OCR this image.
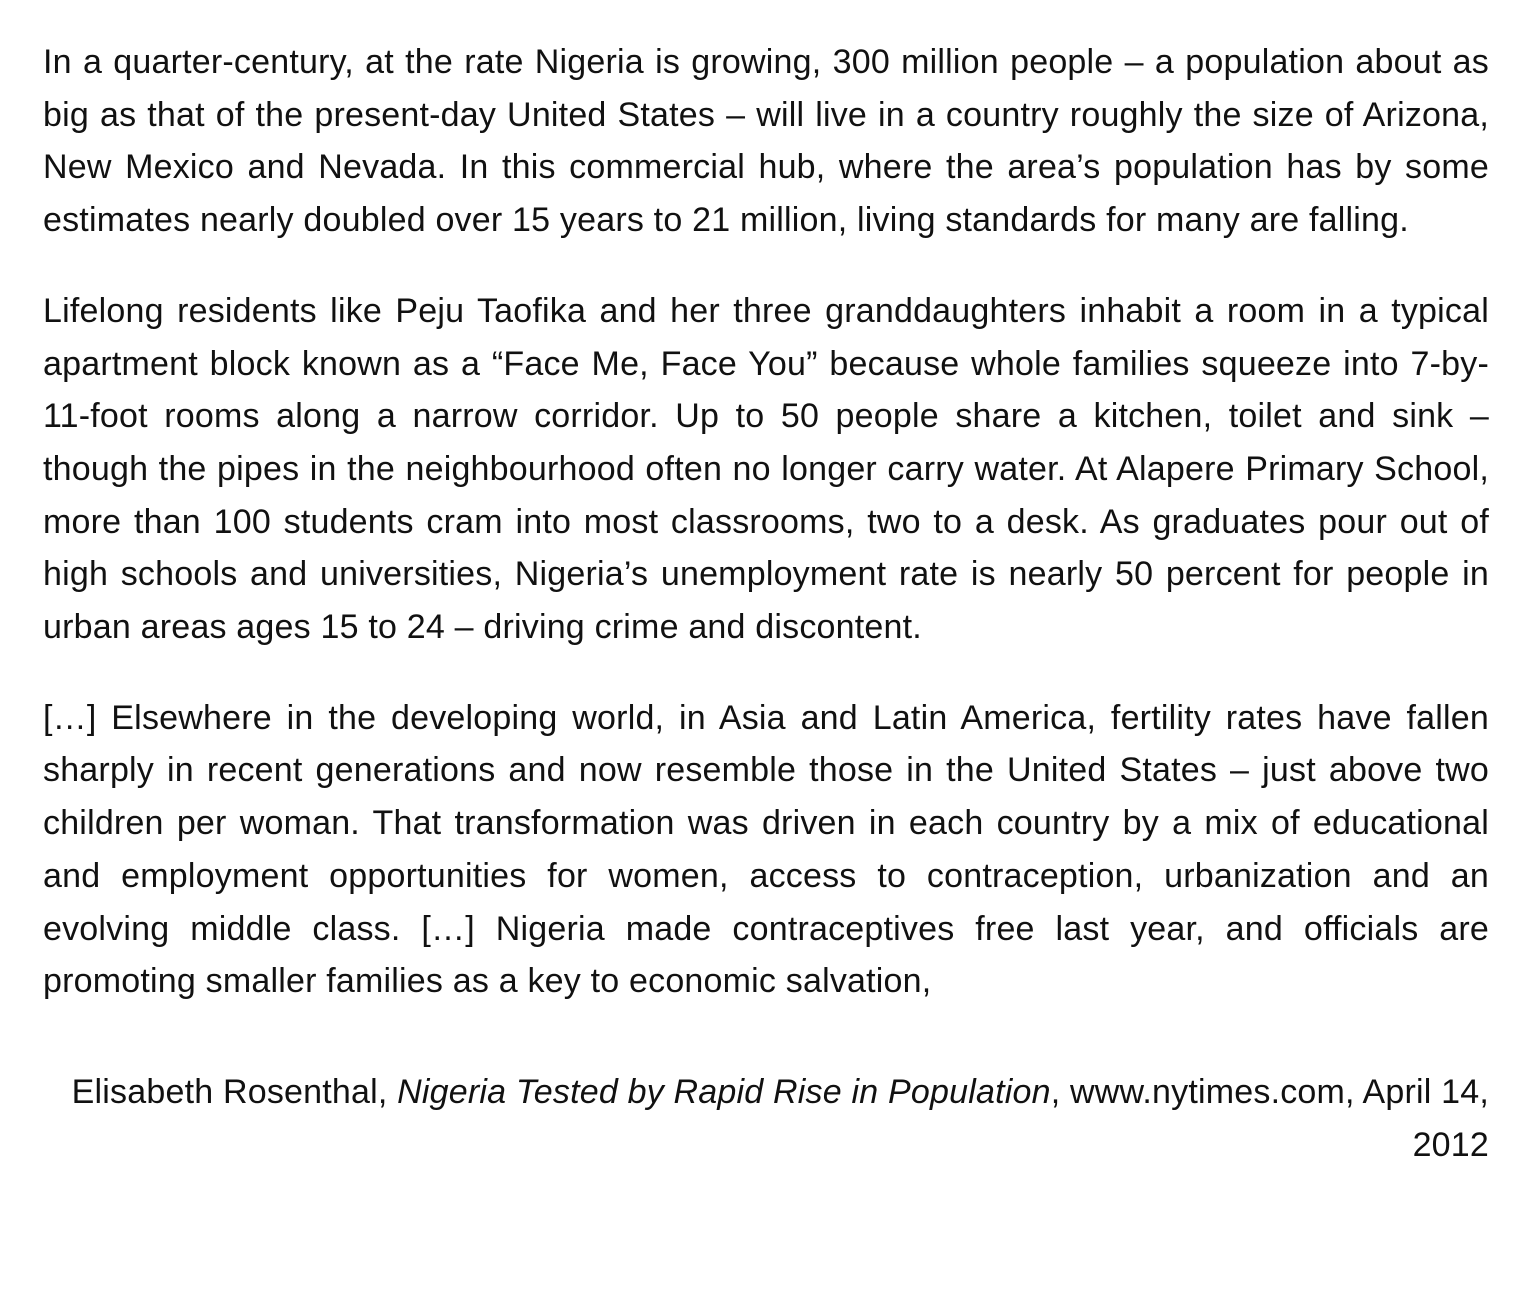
In a quarter-century, at the rate Nigeria is growing, 300 million people – a population about as big as that of the present-day United States – will live in a country roughly the size of Arizona, New Mexico and Nevada. In this commercial hub, where the area’s population has by some estimates nearly doubled over 15 years to 21 million, living standards for many are falling.

Lifelong residents like Peju Taofika and her three granddaughters inhabit a room in a typical apartment block known as a “Face Me, Face You” because whole families squeeze into 7-by-11-foot rooms along a narrow corridor. Up to 50 people share a kitchen, toilet and sink – though the pipes in the neighbourhood often no longer carry water. At Alapere Primary School, more than 100 students cram into most classrooms, two to a desk. As graduates pour out of high schools and universities, Nigeria’s unemployment rate is nearly 50 percent for people in urban areas ages 15 to 24 – driving crime and discontent.

[…] Elsewhere in the developing world, in Asia and Latin America, fertility rates have fallen sharply in recent generations and now resemble those in the United States – just above two children per woman. That transformation was driven in each country by a mix of educational and employment opportunities for women, access to contraception, urbanization and an evolving middle class. […] Nigeria made contraceptives free last year, and officials are promoting smaller families as a key to economic salvation,

Elisabeth Rosenthal, Nigeria Tested by Rapid Rise in Population, www.nytimes.com, April 14, 2012
